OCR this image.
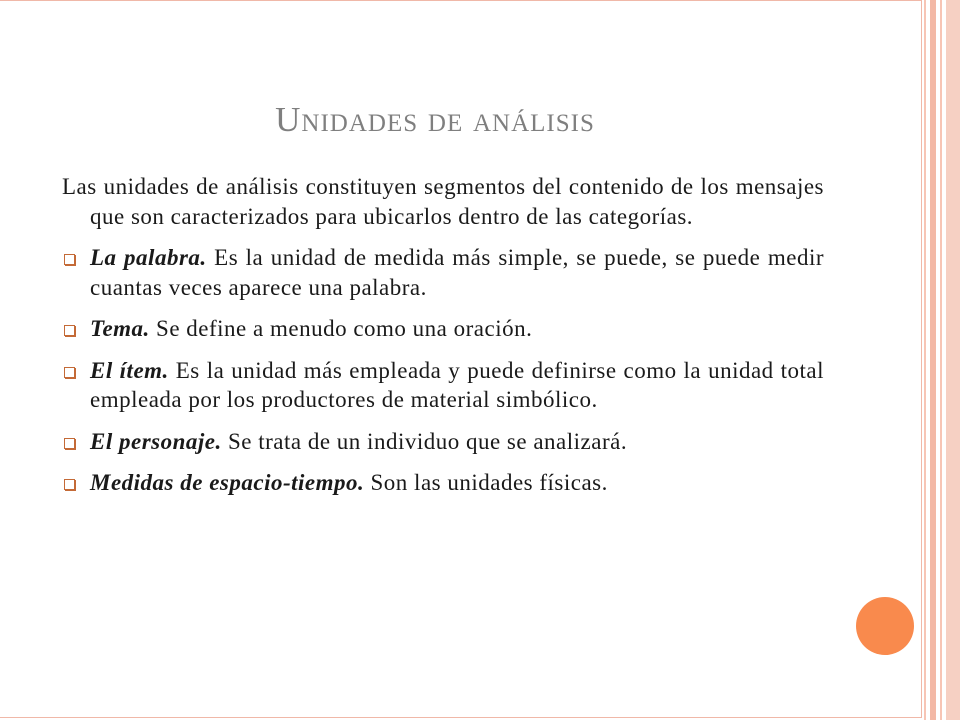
Unidades de análisis

Las unidades de análisis constituyen segmentos del contenido de los mensajes que son caracterizados para ubicarlos dentro de las categorías.

La palabra. Es la unidad de medida más simple, se puede, se puede medir cuantas veces aparece una palabra.
Tema. Se define a menudo como una oración.
El ítem. Es la unidad más empleada y puede definirse como la unidad total empleada por los productores de material simbólico.
El personaje. Se trata de un individuo que se analizará.
Medidas de espacio-tiempo. Son las unidades físicas.
